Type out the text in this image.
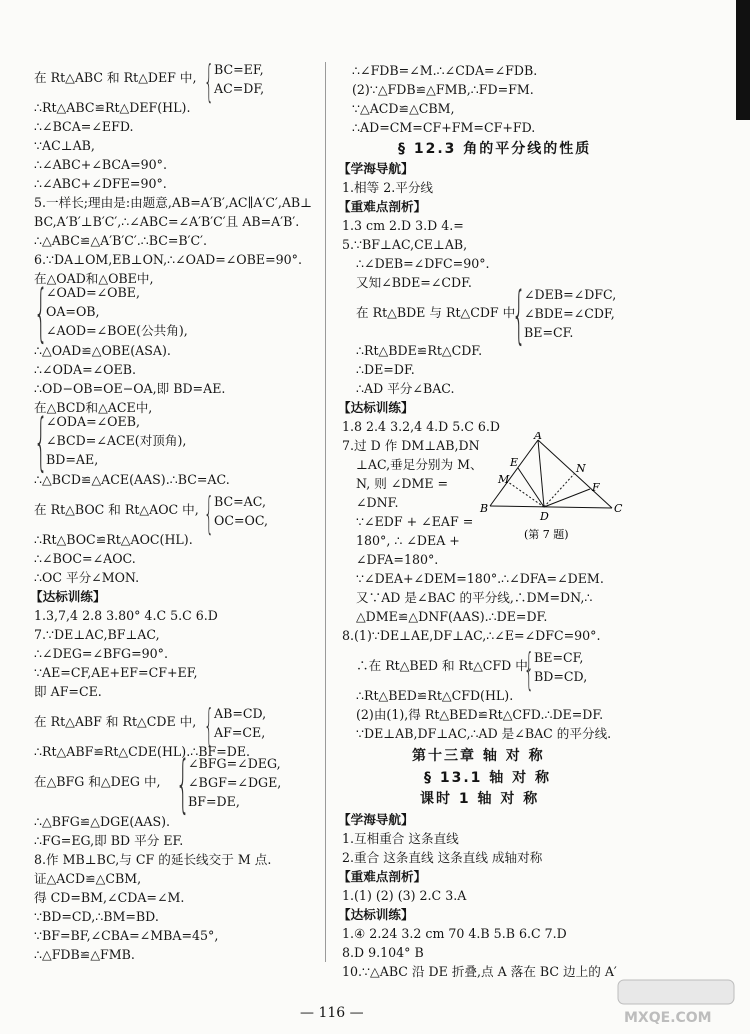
在 Rt△ABC 和 Rt△DEF 中, { BC=EF,
AC=DF,
∴Rt△ABC≌Rt△DEF(HL).
∴∠BCA=∠EFD.
∵AC⊥AB,
∴∠ABC+∠BCA=90°.
∴∠ABC+∠DFE=90°.
5.一样长;理由是:由题意,AB=A′B′,AC∥A′C′,AB⊥
BC,A′B′⊥B′C′,∴∠ABC=∠A′B′C′且 AB=A′B′.
∴△ABC≌△A′B′C′.∴BC=B′C′.
6.∵DA⊥OM,EB⊥ON,∴∠OAD=∠OBE=90°.
在△OAD和△OBE中,
{
∠OAD=∠OBE,
OA=OB,
∠AOD=∠BOE(公共角),
∴△OAD≌△OBE(ASA).
∴∠ODA=∠OEB.
∴OD−OB=OE−OA,即 BD=AE.
在△BCD和△ACE中,
{
∠ODA=∠OEB,
∠BCD=∠ACE(对顶角),
BD=AE,
∴△BCD≌△ACE(AAS).∴BC=AC.
在 Rt△BOC 和 Rt△AOC 中, { BC=AC,
OC=OC,
∴Rt△BOC≌Rt△AOC(HL).
∴∠BOC=∠AOC.
∴OC 平分∠MON.
【达标训练】
1.3,7,4 2.8 3.80° 4.C 5.C 6.D
7.∵DE⊥AC,BF⊥AC,
∴∠DEG=∠BFG=90°.
∵AE=CF,AE+EF=CF+EF,
即 AF=CE.
在 Rt△ABF 和 Rt△CDE 中, { AB=CD,
AF=CE,
∴Rt△ABF≌Rt△CDE(HL).∴BF=DE.
在△BFG 和△DEG 中, {
∠BFG=∠DEG,
∠BGF=∠DGE,
BF=DE,
∴△BFG≌△DGE(AAS).
∴FG=EG,即 BD 平分 EF.
8.作 MB⊥BC,与 CF 的延长线交于 M 点.
证△ACD≌△CBM,
得 CD=BM,∠CDA=∠M.
∵BD=CD,∴BM=BD.
∵BF=BF,∠CBA=∠MBA=45°,
∴△FDB≌△FMB.
∴∠FDB=∠M.∴∠CDA=∠FDB.
(2)∵△FDB≌△FMB,∴FD=FM.
∵△ACD≌△CBM,
∴AD=CM=CF+FM=CF+FD.
§ 12.3 角的平分线的性质
【学海导航】
1.相等 2.平分线
【重难点剖析】
1.3 cm 2.D 3.D 4.=
5.∵BF⊥AC,CE⊥AB,
∴∠DEB=∠DFC=90°.
又知∠BDE=∠CDF.
在 Rt△BDE 与 Rt△CDF 中,
{
∠DEB=∠DFC,
∠BDE=∠CDF,
BE=CF.
∴Rt△BDE≌Rt△CDF.
∴DE=DF.
∴AD 平分∠BAC.
【达标训练】
1.8 2.4 3.2,4 4.D 5.C 6.D
7.过 D 作 DM⊥AB,DN
⊥AC,垂足分别为 M、
N, 则 ∠DME =
∠DNF.
∵∠EDF + ∠EAF =
180°, ∴ ∠DEA +
∠DFA=180°.
∵∠DEA+∠DEM=180°.∴∠DFA=∠DEM.
又∵AD 是∠BAC 的平分线,∴DM=DN,∴
△DME≌△DNF(AAS).∴DE=DF.
8.(1)∵DE⊥AE,DF⊥AC,∴∠E=∠DFC=90°.
∴在 Rt△BED 和 Rt△CFD 中,
{ BE=CF,
BD=CD,
∴Rt△BED≌Rt△CFD(HL).
(2)由(1),得 Rt△BED≌Rt△CFD.∴DE=DF.
∵DE⊥AB,DF⊥AC,∴AD 是∠BAC 的平分线.
第十三章 轴 对 称
§ 13.1 轴 对 称
课时 1 轴 对 称
【学海导航】
1.互相重合 这条直线
2.重合 这条直线 这条直线 成轴对称
【重难点剖析】
1.(1) (2) (3) 2.C 3.A
【达标训练】
1.④ 2.24 3.2 cm 70 4.B 5.B 6.C 7.D
8.D 9.104° B
10.∵△ABC 沿 DE 折叠,点 A 落在 BC 边上的 A′
A
E	N
M
F
B
D
C
(第 7 题)
— 116 —	MXQE.COM
